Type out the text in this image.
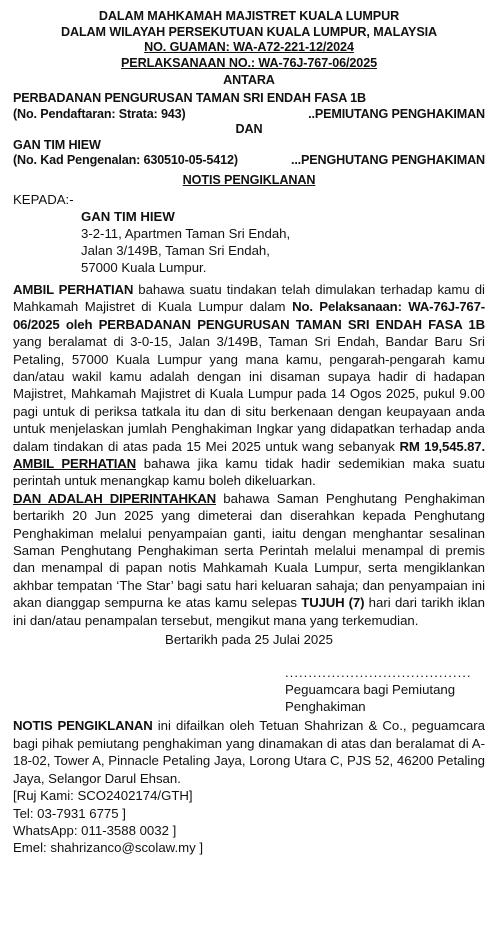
DALAM MAHKAMAH MAJISTRET KUALA LUMPUR
DALAM WILAYAH PERSEKUTUAN KUALA LUMPUR, MALAYSIA
NO. GUAMAN: WA-A72-221-12/2024
PERLAKSANAAN NO.: WA-76J-767-06/2025
ANTARA
PERBADANAN PENGURUSAN TAMAN SRI ENDAH FASA 1B
(No. Pendaftaran: Strata: 943)	..PEMIUTANG PENGHAKIMAN
DAN
GAN TIM HIEW
(No. Kad Pengenalan: 630510-05-5412)	...PENGHUTANG PENGHAKIMAN
NOTIS PENGIKLANAN
KEPADA:-
GAN TIM HIEW
3-2-11, Apartmen Taman Sri Endah,
Jalan 3/149B, Taman Sri Endah,
57000 Kuala Lumpur.

AMBIL PERHATIAN bahawa suatu tindakan telah dimulakan terhadap kamu di Mahkamah Majistret di Kuala Lumpur dalam No. Pelaksanaan: WA-76J-767-06/2025 oleh PERBADANAN PENGURUSAN TAMAN SRI ENDAH FASA 1B yang beralamat di 3-0-15, Jalan 3/149B, Taman Sri Endah, Bandar Baru Sri Petaling, 57000 Kuala Lumpur yang mana kamu, pengarah-pengarah kamu dan/atau wakil kamu adalah dengan ini disaman supaya hadir di hadapan Majistret, Mahkamah Majistret di Kuala Lumpur pada 14 Ogos 2025, pukul 9.00 pagi untuk di periksa tatkala itu dan di situ berkenaan dengan keupayaan anda untuk menjelaskan jumlah Penghakiman Ingkar yang didapatkan terhadap anda dalam tindakan di atas pada 15 Mei 2025 untuk wang sebanyak RM 19,545.87. AMBIL PERHATIAN bahawa jika kamu tidak hadir sedemikian maka suatu perintah untuk menangkap kamu boleh dikeluarkan.

DAN ADALAH DIPERINTAHKAN bahawa Saman Penghutang Penghakiman bertarikh 20 Jun 2025 yang dimeterai dan diserahkan kepada Penghutang Penghakiman melalui penyampaian ganti, iaitu dengan menghantar sesalinan Saman Penghutang Penghakiman serta Perintah melalui menampal di premis dan menampal di papan notis Mahkamah Kuala Lumpur, serta mengiklankan akhbar tempatan ‘The Star’ bagi satu hari keluaran sahaja; dan penyampaian ini akan dianggap sempurna ke atas kamu selepas TUJUH (7) hari dari tarikh iklan ini dan/atau penampalan tersebut, mengikut mana yang terkemudian.

Bertarikh pada 25 Julai 2025
........................................
Peguamcara bagi Pemiutang
Penghakiman

NOTIS PENGIKLANAN ini difailkan oleh Tetuan Shahrizan & Co., peguamcara bagi pihak pemiutang penghakiman yang dinamakan di atas dan beralamat di A-18-02, Tower A, Pinnacle Petaling Jaya, Lorong Utara C, PJS 52, 46200 Petaling Jaya, Selangor Darul Ehsan.

[Ruj Kami: SCO2402174/GTH]
Tel: 03-7931 6775 ]
WhatsApp: 011-3588 0032 ]
Emel: shahrizanco@scolaw.my ]
